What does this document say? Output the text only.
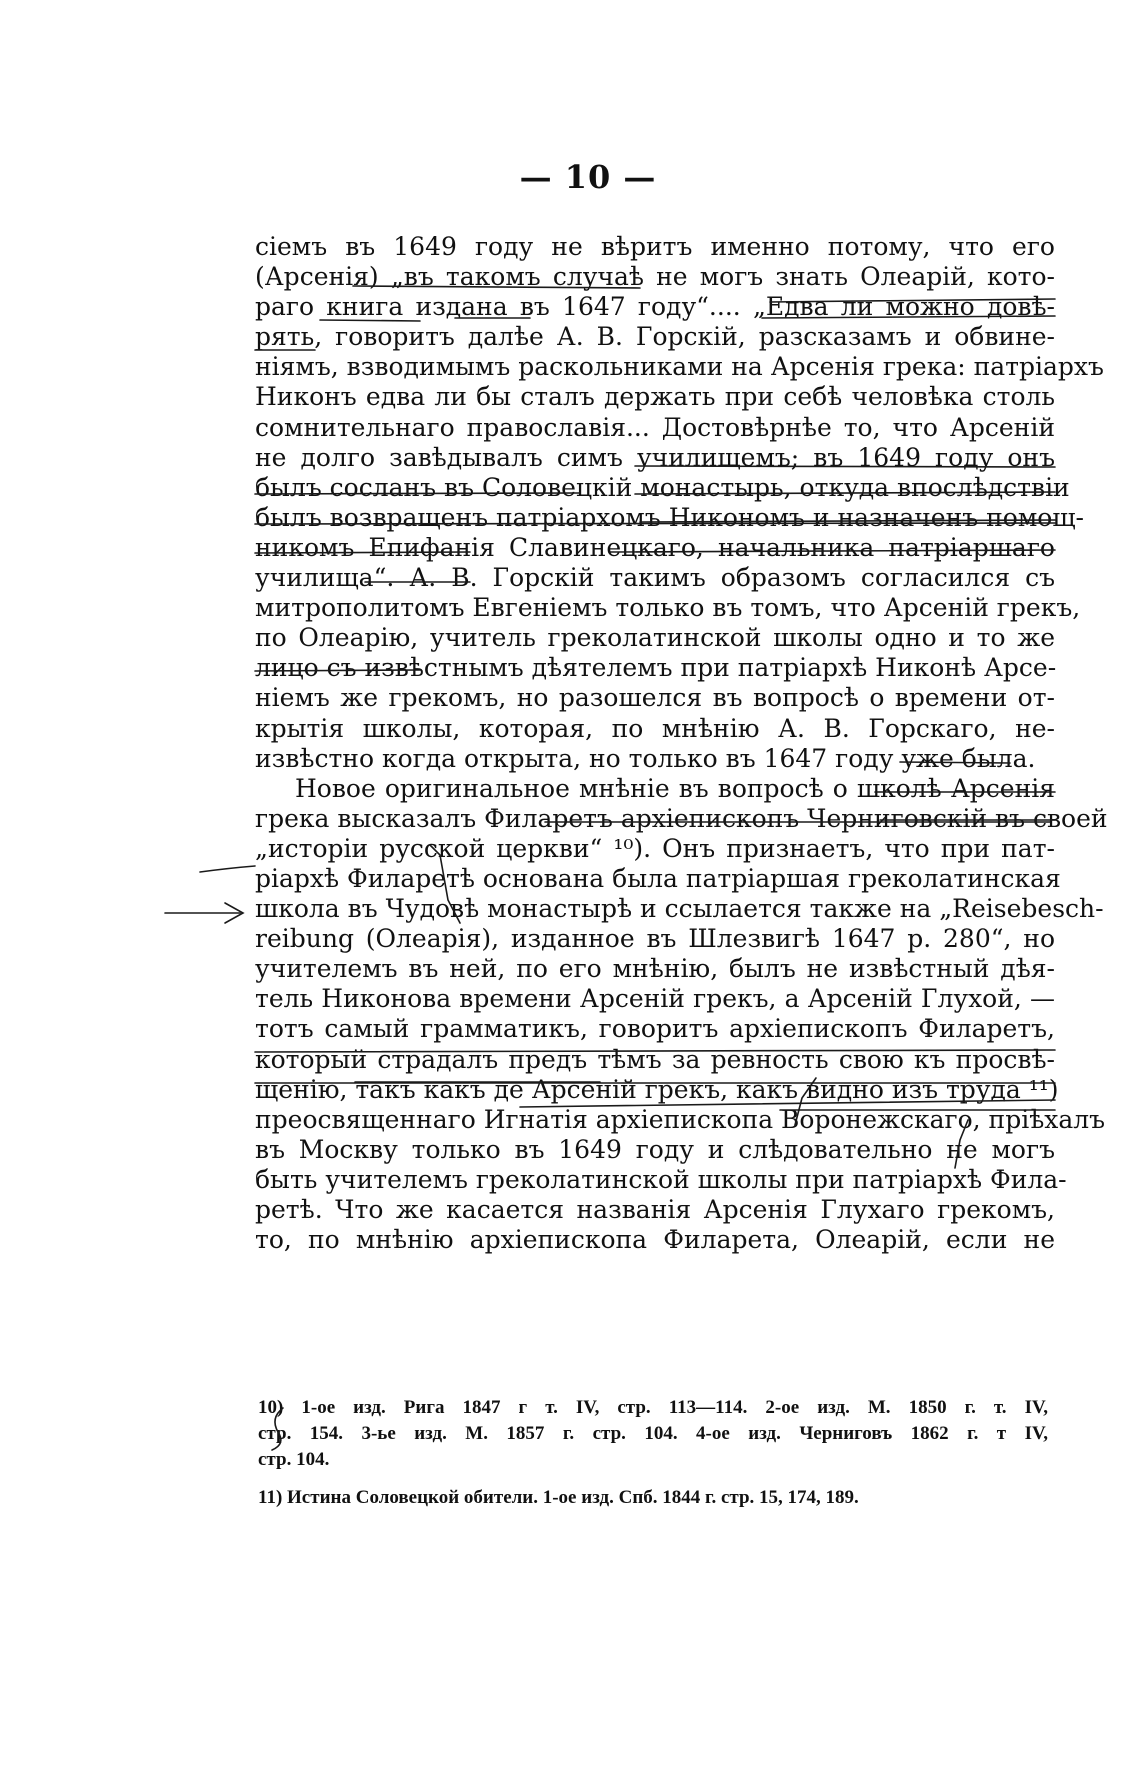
— 10 —
сіемъ въ 1649 году не вѣритъ именно потому, что его
(Арсенія) „въ такомъ случаѣ не могъ знать Олеарій, кото-
раго книга издана въ 1647 году“.... „Едва ли можно довѣ-
рять, говоритъ далѣе А. В. Горскій, разсказамъ и обвине-
ніямъ, взводимымъ раскольниками на Арсенія грека: патріархъ
Никонъ едва ли бы сталъ держать при себѣ человѣка столь
сомнительнаго православія... Достовѣрнѣе то, что Арсеній
не долго завѣдывалъ симъ училищемъ; въ 1649 году онъ
былъ сосланъ въ Соловецкій монастырь, откуда впослѣдствіи
былъ возвращенъ патріархомъ Никономъ и назначенъ помощ-
никомъ Епифанія Славинецкаго, начальника патріаршаго
училища“. А. В. Горскій такимъ образомъ согласился съ
митрополитомъ Евгеніемъ только въ томъ, что Арсеній грекъ,
по Олеарію, учитель греколатинской школы одно и то же
лицо съ извѣстнымъ дѣятелемъ при патріархѣ Никонѣ Арсе-
ніемъ же грекомъ, но разошелся въ вопросѣ о времени от-
крытія школы, которая, по мнѣнію А. В. Горскаго, не-
извѣстно когда открыта, но только въ 1647 году уже была.
Новое оригинальное мнѣніе въ вопросѣ о школѣ Арсенія
грека высказалъ Филаретъ архіепископъ Черниговскій въ своей
„исторіи русской церкви“ ¹⁰). Онъ признаетъ, что при пат-
ріархѣ Филаретѣ основана была патріаршая греколатинская
школа въ Чудовѣ монастырѣ и ссылается также на „Reisebesch-
reibung (Олеарія), изданное въ Шлезвигѣ 1647 р. 280“, но
учителемъ въ ней, по его мнѣнію, былъ не извѣстный дѣя-
тель Никонова времени Арсеній грекъ, а Арсеній Глухой, —
тотъ самый грамматикъ, говоритъ архіепископъ Филаретъ,
который страдалъ предъ тѣмъ за ревность свою къ просвѣ-
щенію, такъ какъ де Арсеній грекъ, какъ видно изъ труда ¹¹)
преосвященнаго Игнатія архіепископа Воронежскаго, пріѣхалъ
въ Москву только въ 1649 году и слѣдовательно не могъ
быть учителемъ греколатинской школы при патріархѣ Фила-
ретѣ. Что же касается названія Арсенія Глухаго грекомъ,
то, по мнѣнію архіепископа Филарета, Олеарій, если не
10) 1-ое изд. Рига 1847 г т. IV, стр. 113—114. 2-ое изд. М. 1850 г. т. IV,
стр. 154. 3-ье изд. М. 1857 г. стр. 104. 4-ое изд. Черниговъ 1862 г. т IV,
стр. 104.
11) Истина Соловецкой обители. 1-ое изд. Спб. 1844 г. стр. 15, 174, 189.
